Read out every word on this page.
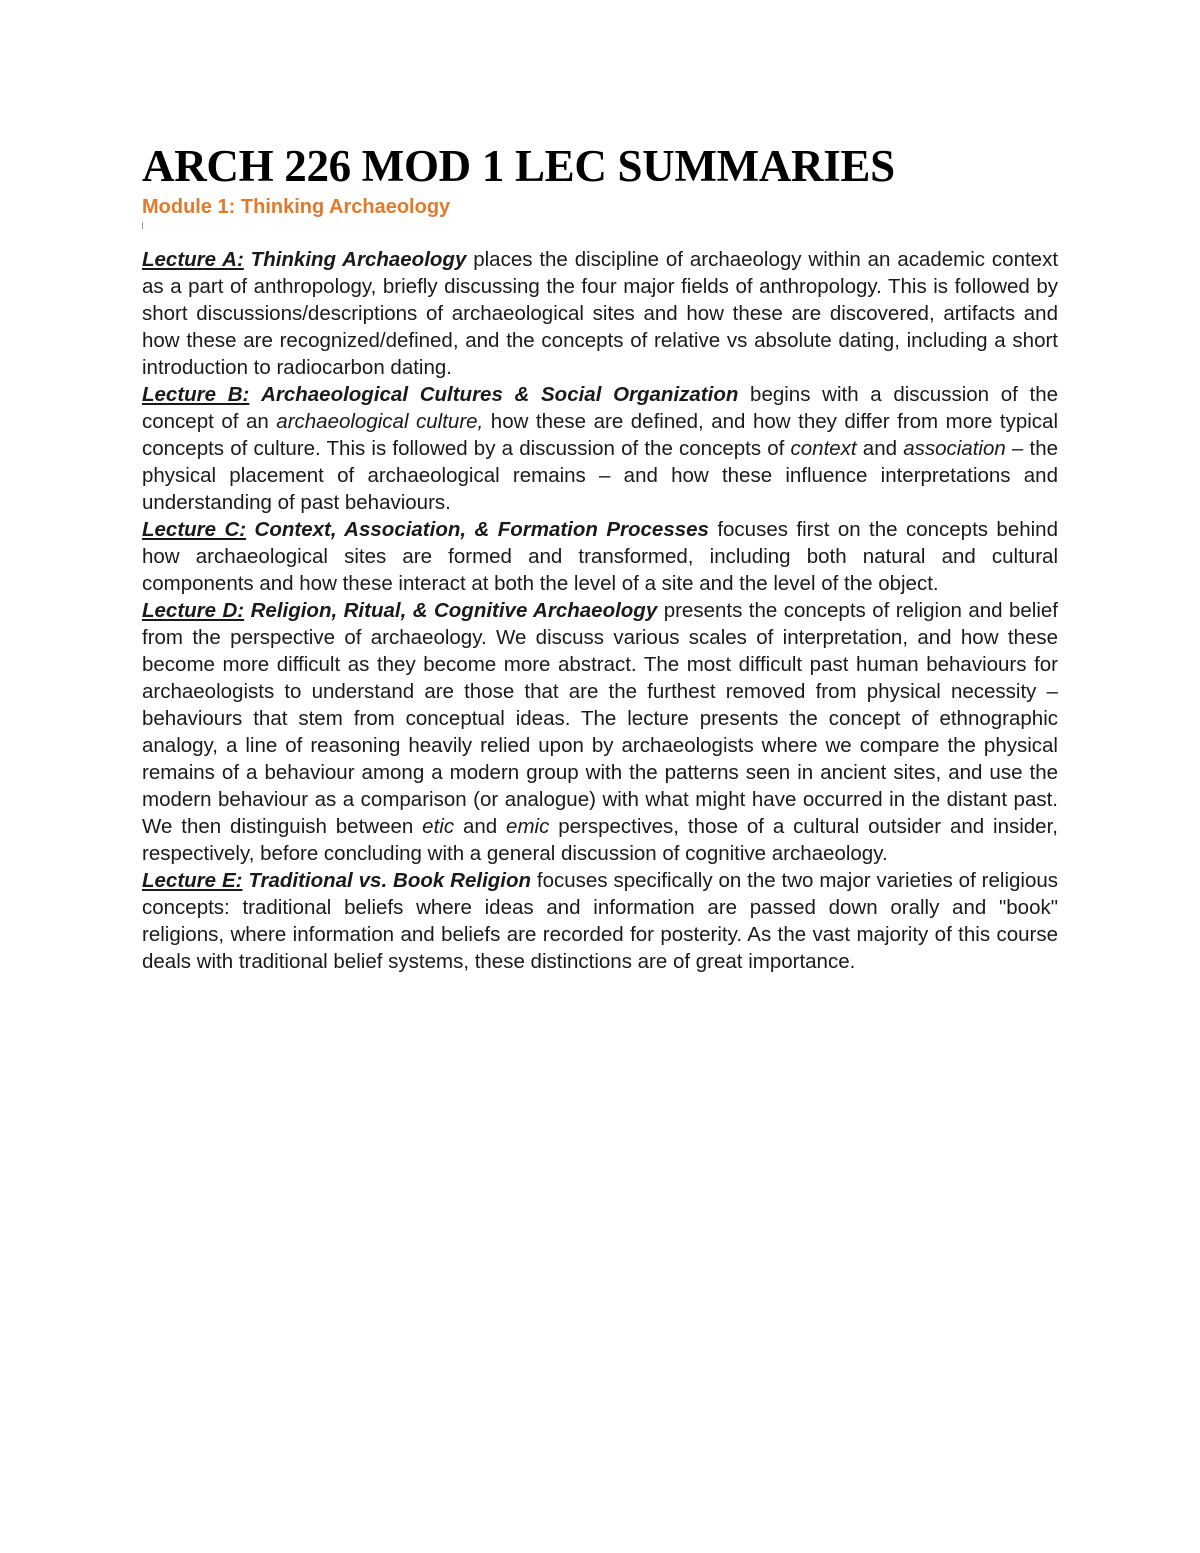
ARCH 226 MOD 1 LEC SUMMARIES
Module 1: Thinking Archaeology

Lecture A: Thinking Archaeology places the discipline of archaeology within an academic context as a part of anthropology, briefly discussing the four major fields of anthropology. This is followed by short discussions/descriptions of archaeological sites and how these are discovered, artifacts and how these are recognized/defined, and the concepts of relative vs absolute dating, including a short introduction to radiocarbon dating.

Lecture B: Archaeological Cultures & Social Organization begins with a discussion of the concept of an archaeological culture, how these are defined, and how they differ from more typical concepts of culture. This is followed by a discussion of the concepts of context and association – the physical placement of archaeological remains – and how these influence interpretations and understanding of past behaviours.

Lecture C: Context, Association, & Formation Processes focuses first on the concepts behind how archaeological sites are formed and transformed, including both natural and cultural components and how these interact at both the level of a site and the level of the object.

Lecture D: Religion, Ritual, & Cognitive Archaeology presents the concepts of religion and belief from the perspective of archaeology. We discuss various scales of interpretation, and how these become more difficult as they become more abstract. The most difficult past human behaviours for archaeologists to understand are those that are the furthest removed from physical necessity – behaviours that stem from conceptual ideas. The lecture presents the concept of ethnographic analogy, a line of reasoning heavily relied upon by archaeologists where we compare the physical remains of a behaviour among a modern group with the patterns seen in ancient sites, and use the modern behaviour as a comparison (or analogue) with what might have occurred in the distant past. We then distinguish between etic and emic perspectives, those of a cultural outsider and insider, respectively, before concluding with a general discussion of cognitive archaeology.

Lecture E: Traditional vs. Book Religion focuses specifically on the two major varieties of religious concepts: traditional beliefs where ideas and information are passed down orally and "book" religions, where information and beliefs are recorded for posterity. As the vast majority of this course deals with traditional belief systems, these distinctions are of great importance.
